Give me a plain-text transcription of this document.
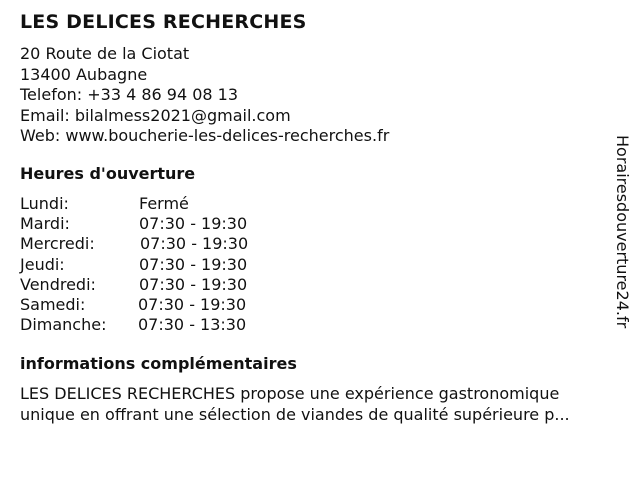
LES DELICES RECHERCHES
20 Route de la Ciotat
13400 Aubagne
Telefon: +33 4 86 94 08 13
Email: bilalmess2021@gmail.com
Web: www.boucherie-les-delices-recherches.fr
Heures d'ouverture
Lundi:	Fermé
Mardi:	07:30 - 19:30
Mercredi:	07:30 - 19:30
Jeudi:	07:30 - 19:30
Vendredi:	07:30 - 19:30
Samedi:	07:30 - 19:30
Dimanche: 07:30 - 13:30
informations complémentaires
LES DELICES RECHERCHES propose une expérience gastronomique
unique en offrant une sélection de viandes de qualité supérieure p...
Horairesdouverture24.fr
